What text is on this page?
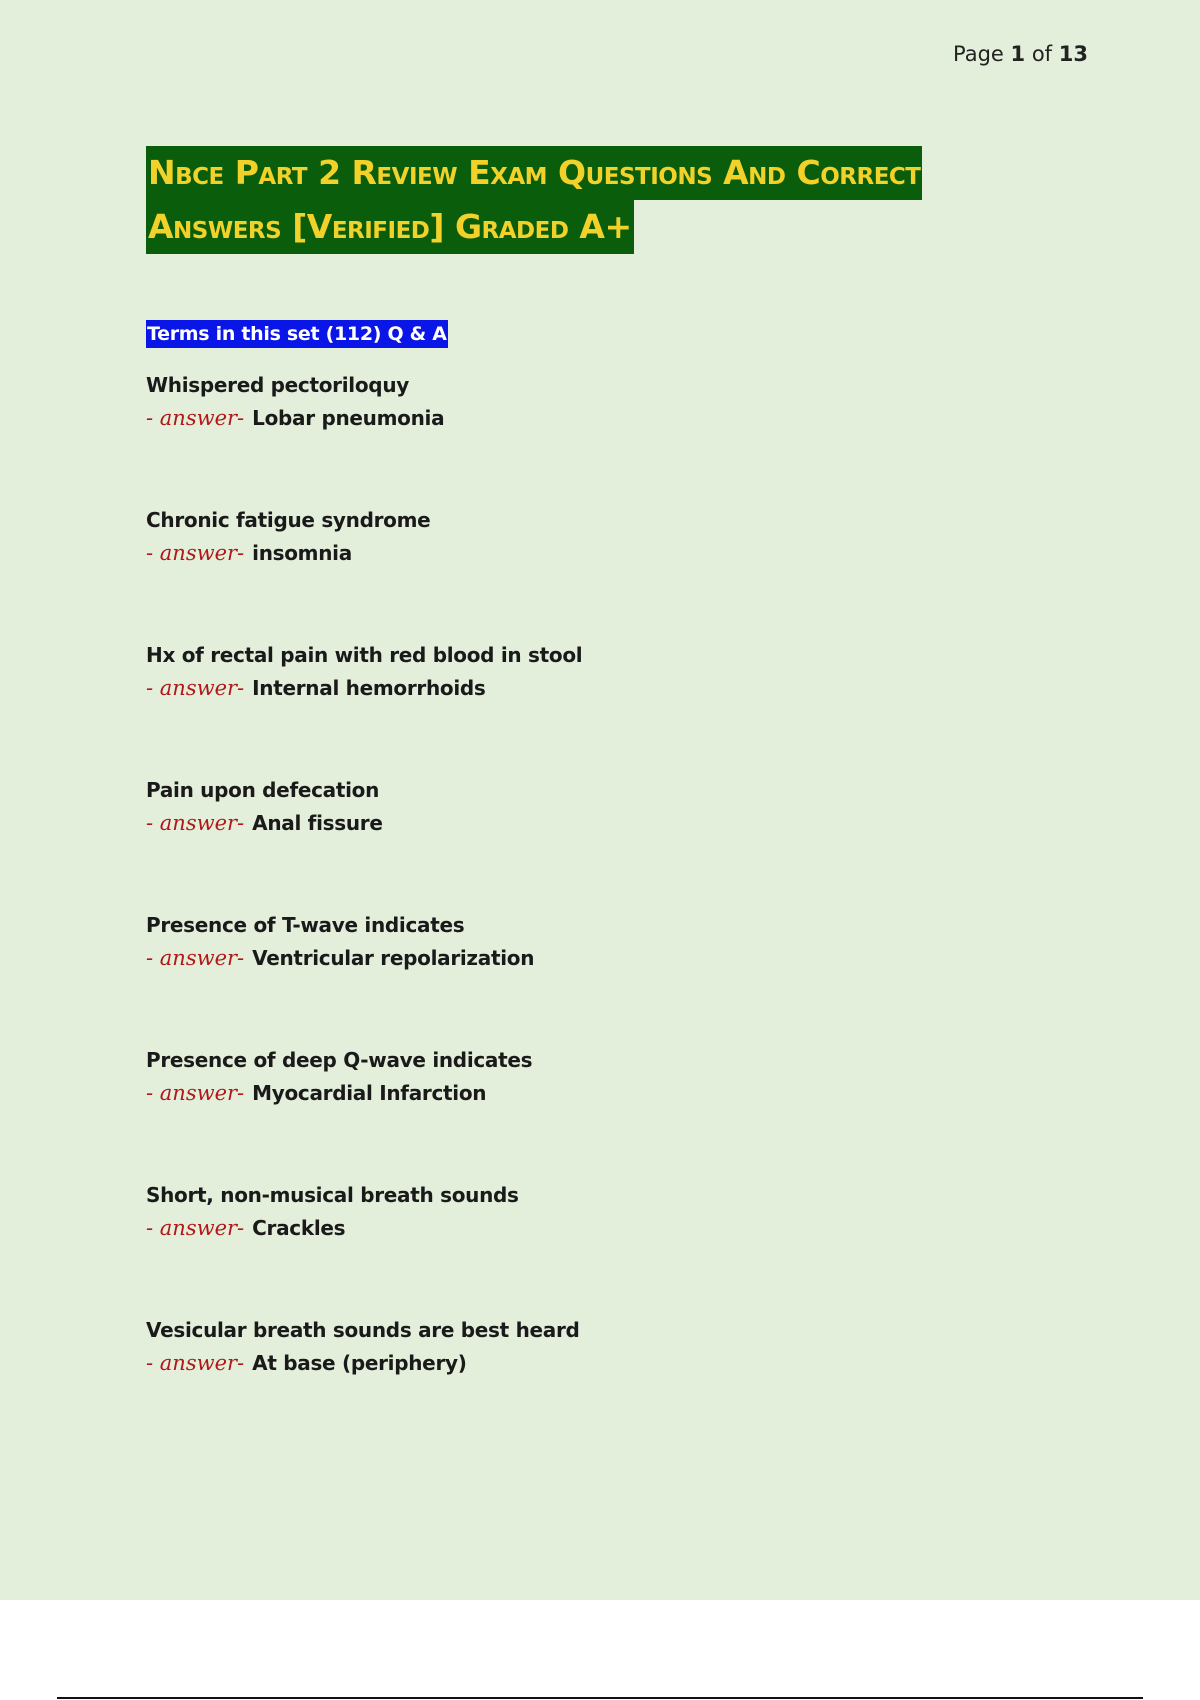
Page 1 of 13
Nbce Part 2 Review Exam Questions And Correct
Answers [Verified] Graded A+
Terms in this set (112) Q & A
Whispered pectoriloquy
- answer- Lobar pneumonia
Chronic fatigue syndrome
- answer- insomnia
Hx of rectal pain with red blood in stool
- answer- Internal hemorrhoids
Pain upon defecation
- answer- Anal fissure
Presence of T-wave indicates
- answer- Ventricular repolarization
Presence of deep Q-wave indicates
- answer- Myocardial Infarction
Short, non-musical breath sounds
- answer- Crackles
Vesicular breath sounds are best heard
- answer- At base (periphery)
